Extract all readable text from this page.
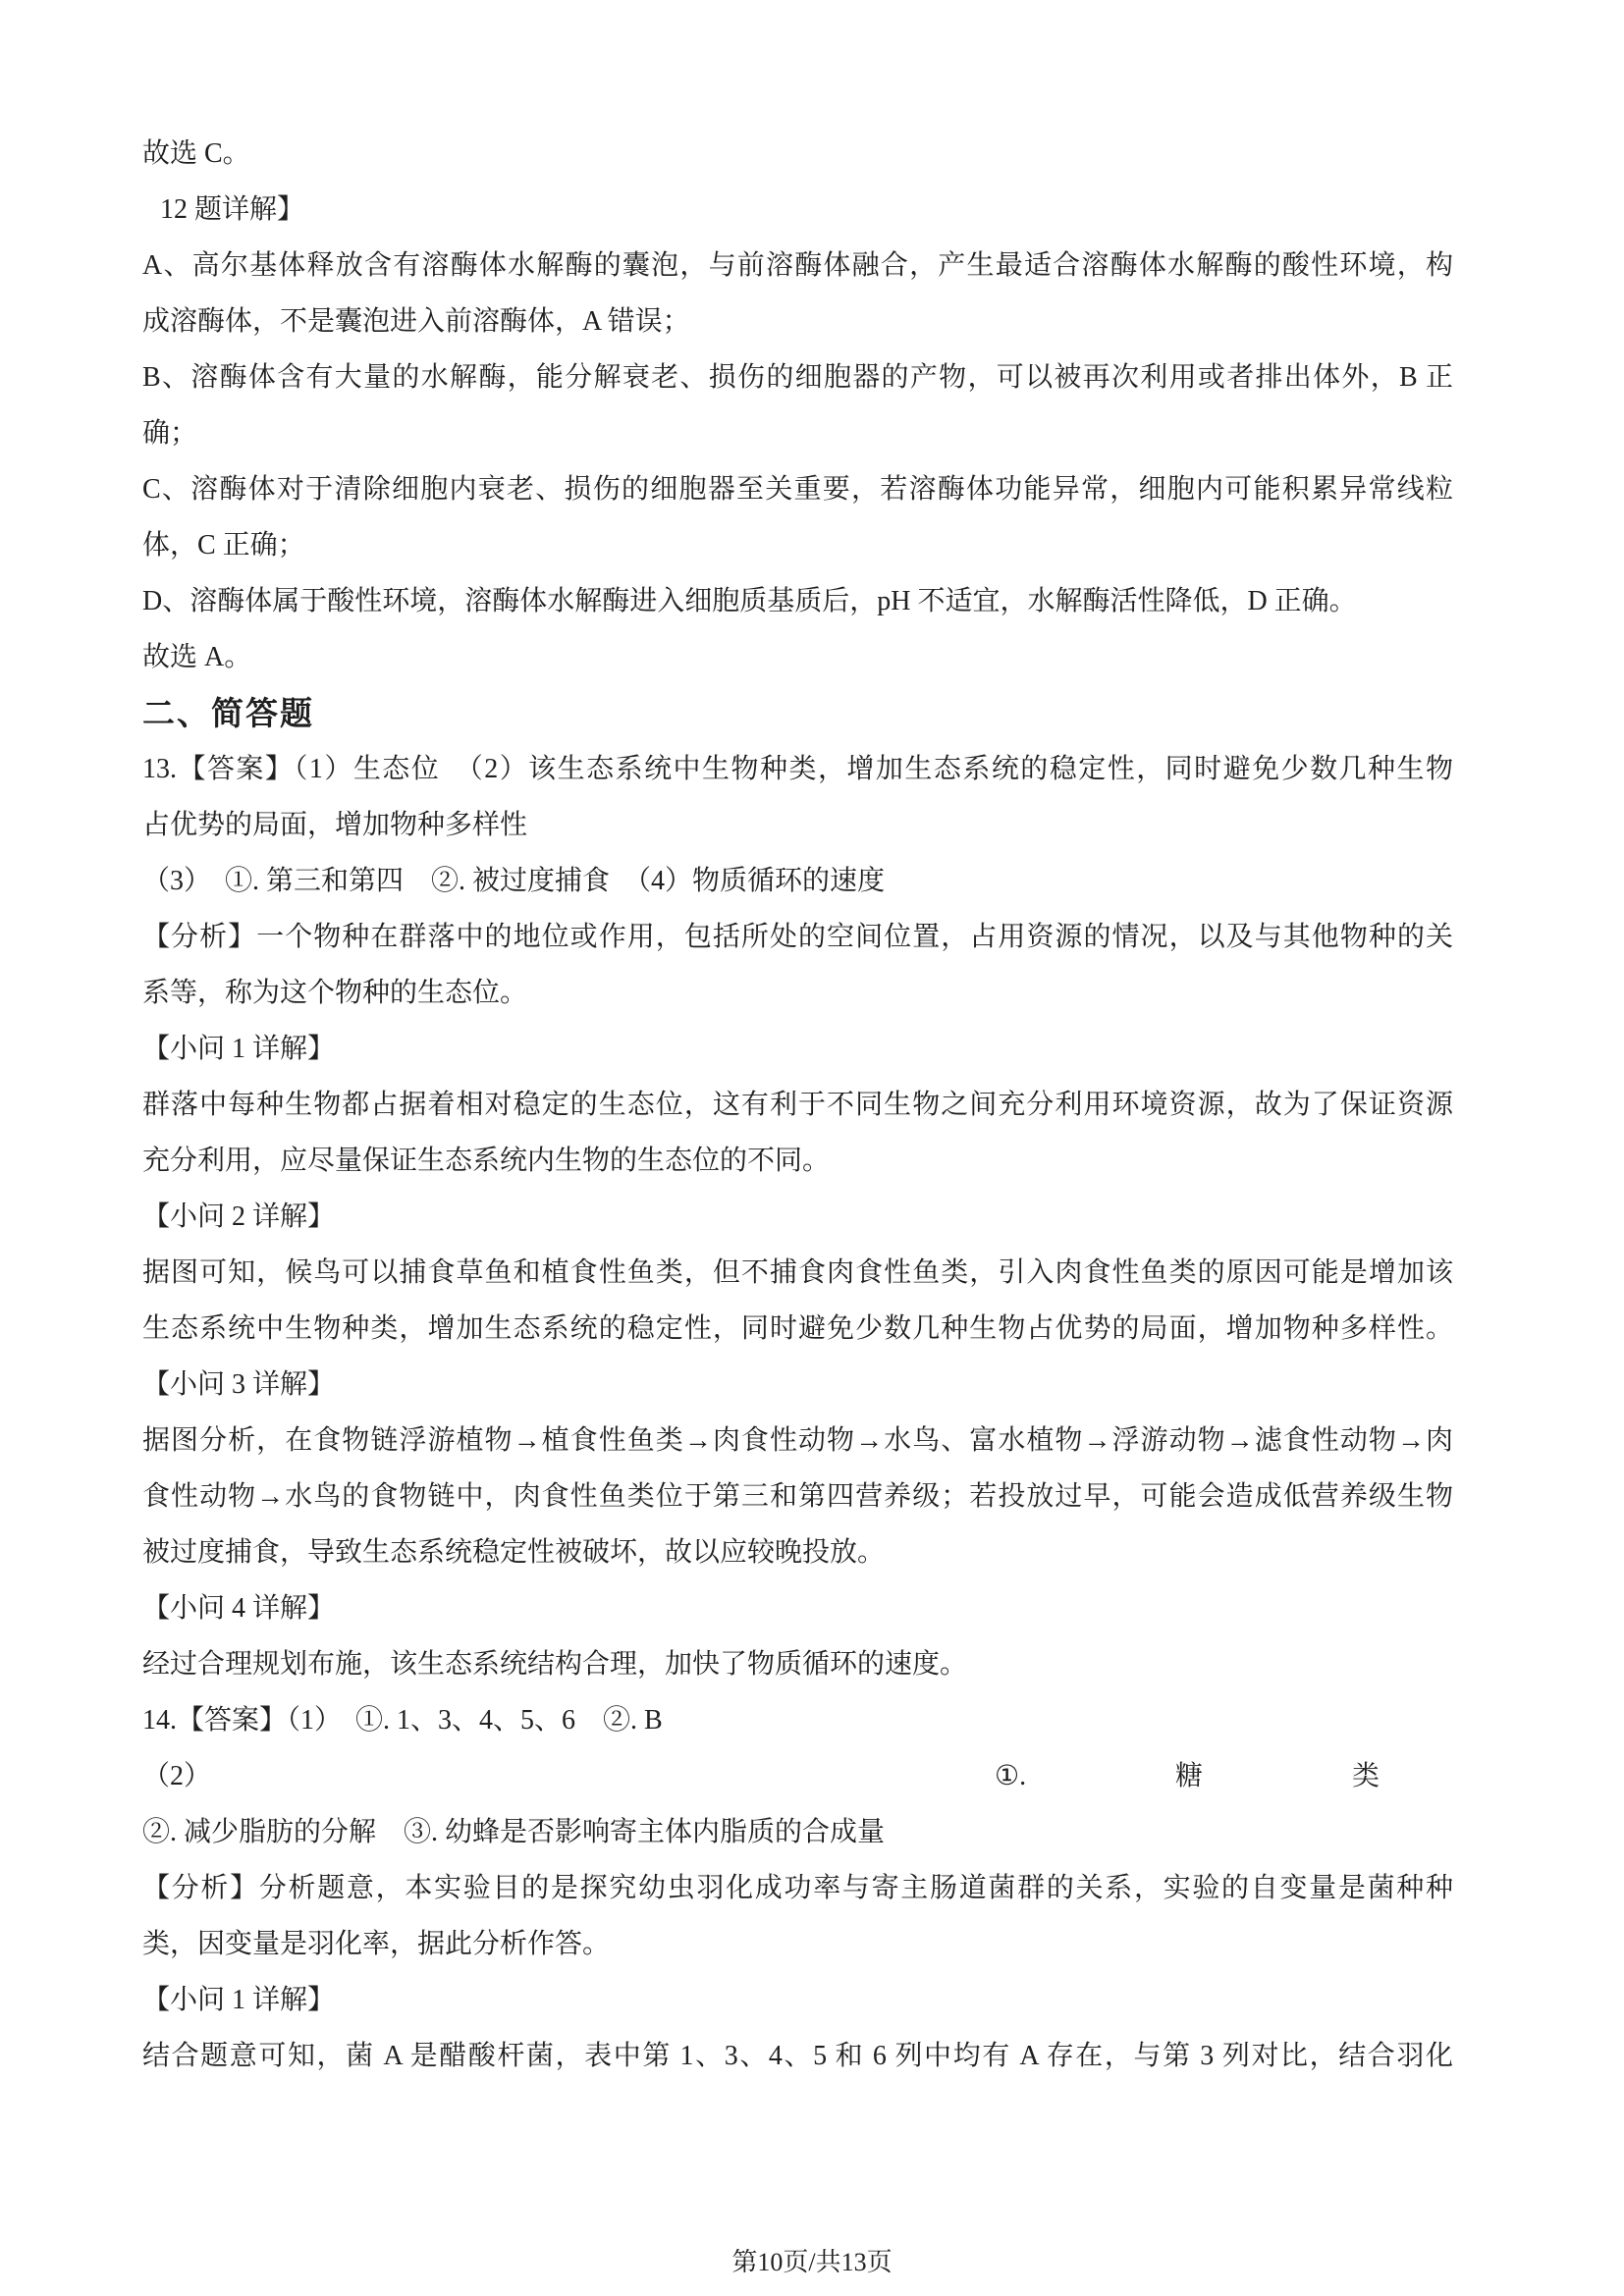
故选 C。
12 题详解】
A、高尔基体释放含有溶酶体水解酶的囊泡，与前溶酶体融合，产生最适合溶酶体水解酶的酸性环境，构
成溶酶体，不是囊泡进入前溶酶体，A 错误；
B、溶酶体含有大量的水解酶，能分解衰老、损伤的细胞器的产物，可以被再次利用或者排出体外，B 正
确；
C、溶酶体对于清除细胞内衰老、损伤的细胞器至关重要，若溶酶体功能异常，细胞内可能积累异常线粒
体，C 正确；
D、溶酶体属于酸性环境，溶酶体水解酶进入细胞质基质后，pH 不适宜，水解酶活性降低，D 正确。
故选 A。
二、简答题
13.【答案】（1）生态位　（2）该生态系统中生物种类，增加生态系统的稳定性，同时避免少数几种生物
占优势的局面，增加物种多样性
（3）　①. 第三和第四　②. 被过度捕食　（4）物质循环的速度
【分析】一个物种在群落中的地位或作用，包括所处的空间位置，占用资源的情况，以及与其他物种的关
系等，称为这个物种的生态位。
【小问 1 详解】
群落中每种生物都占据着相对稳定的生态位，这有利于不同生物之间充分利用环境资源，故为了保证资源
充分利用，应尽量保证生态系统内生物的生态位的不同。
【小问 2 详解】
据图可知，候鸟可以捕食草鱼和植食性鱼类，但不捕食肉食性鱼类，引入肉食性鱼类的原因可能是增加该
生态系统中生物种类，增加生态系统的稳定性，同时避免少数几种生物占优势的局面，增加物种多样性。
【小问 3 详解】
据图分析，在食物链浮游植物→植食性鱼类→肉食性动物→水鸟、富水植物→浮游动物→滤食性动物→肉
食性动物→水鸟的食物链中，肉食性鱼类位于第三和第四营养级；若投放过早，可能会造成低营养级生物
被过度捕食，导致生态系统稳定性被破坏，故以应较晚投放。
【小问 4 详解】
经过合理规划布施，该生态系统结构合理，加快了物质循环的速度。
14.【答案】（1）　①. 1、3、4、5、6　②. B
（2）	①.	糖	类
②. 减少脂肪的分解　③. 幼蜂是否影响寄主体内脂质的合成量
【分析】分析题意，本实验目的是探究幼虫羽化成功率与寄主肠道菌群的关系，实验的自变量是菌种种
类，因变量是羽化率，据此分析作答。
【小问 1 详解】
结合题意可知，菌 A 是醋酸杆菌，表中第 1、3、4、5 和 6 列中均有 A 存在，与第 3 列对比，结合羽化
第10页/共13页
